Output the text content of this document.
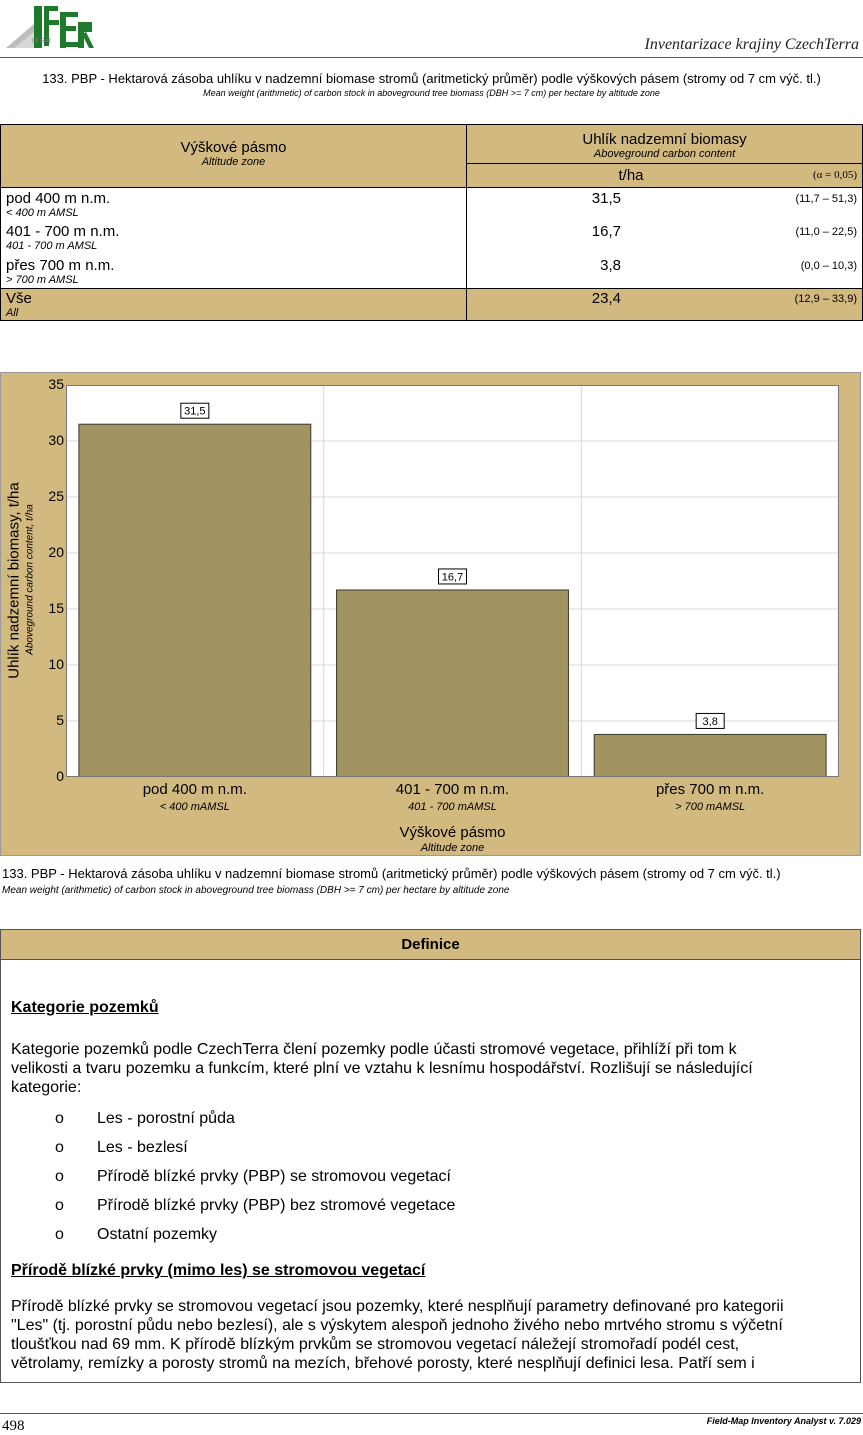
IFER	Inventarizace krajiny CzechTerra
133. PBP - Hektarová zásoba uhlíku v nadzemní biomase stromů (aritmetický průměr) podle výškových pásem (stromy od 7 cm výč. tl.)
Mean weight (arithmetic) of carbon stock in aboveground tree biomass (DBH >= 7 cm) per hectare by altitude zone
Výškové pásmo
Altitude zone
Uhlík nadzemní biomasy
Aboveground carbon content
t/ha	(α = 0,05)
pod 400 m n.m.
< 400 m AMSL
31,5	(11,7 – 51,3)
401 - 700 m n.m.
401 - 700 m AMSL
16,7	(11,0 – 22,5)
přes 700 m n.m.
> 700 m AMSL
3,8	(0,0 – 10,3)
Vše
All
23,4	(12,9 – 33,9)
31,5
16,7
3,8
0
5
10
15
20
25
30
35
pod 400 m n.m.
< 400 mAMSL
401 - 700 m n.m.
401 - 700 mAMSL
přes 700 m n.m.
> 700 mAMSL
Uhlík nadzemní biomasy, t/ha Aboveground carbon content, t/ha
Výškové pásmo
Altitude zone
133. PBP - Hektarová zásoba uhlíku v nadzemní biomase stromů (aritmetický průměr) podle výškových pásem (stromy od 7 cm výč. tl.)
Mean weight (arithmetic) of carbon stock in aboveground tree biomass (DBH >= 7 cm) per hectare by altitude zone
Definice
Kategorie pozemků
Kategorie pozemků podle CzechTerra člení pozemky podle účasti stromové vegetace, přihlíží při tom k
velikosti a tvaru pozemku a funkcím, které plní ve vztahu k lesnímu hospodářství. Rozlišují se následující
kategorie:
o Les - porostní půda
o Les - bezlesí
o Přírodě blízké prvky (PBP) se stromovou vegetací
o Přírodě blízké prvky (PBP) bez stromové vegetace
o Ostatní pozemky
Přírodě blízké prvky (mimo les) se stromovou vegetací
Přírodě blízké prvky se stromovou vegetací jsou pozemky, které nesplňují parametry definované pro kategorii
"Les" (tj. porostní půdu nebo bezlesí), ale s výskytem alespoň jednoho živého nebo mrtvého stromu s výčetní
tloušťkou nad 69 mm. K přírodě blízkým prvkům se stromovou vegetací náležejí stromořadí podél cest,
větrolamy, remízky a porosty stromů na mezích, břehové porosty, které nesplňují definici lesa. Patří sem i
498	Field-Map Inventory Analyst v. 7.029
